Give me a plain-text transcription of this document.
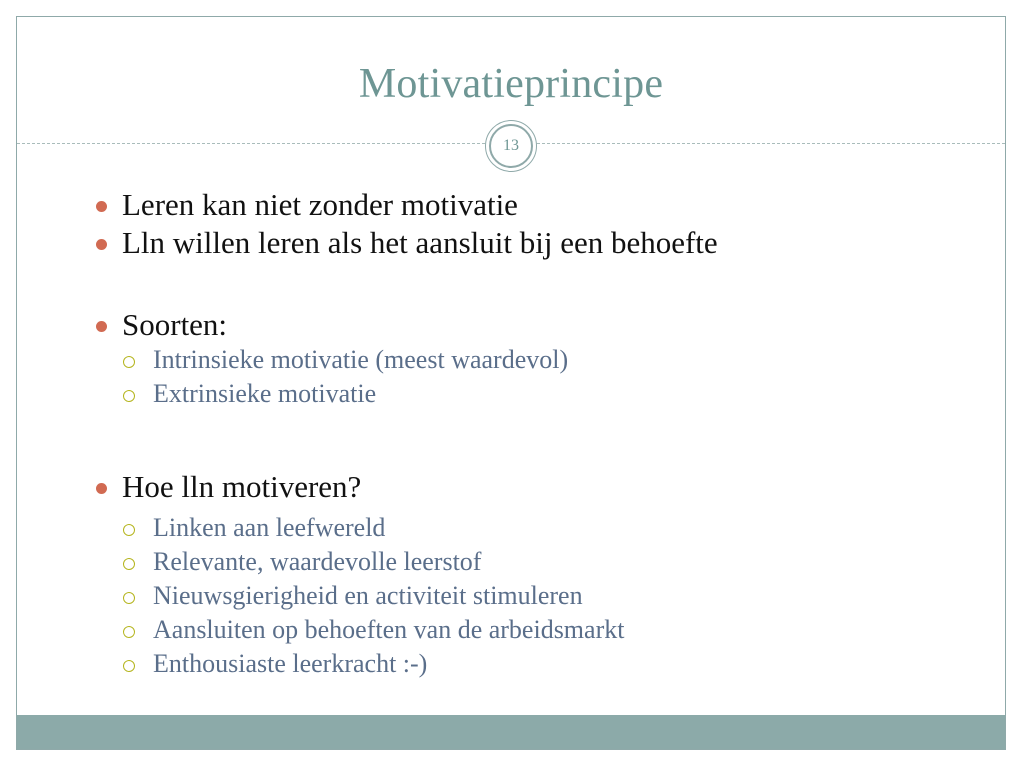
Motivatieprincipe
13
Leren kan niet zonder motivatie
Lln willen leren als het aansluit bij een behoefte
Soorten:
Intrinsieke motivatie (meest waardevol)
Extrinsieke motivatie
Hoe lln motiveren?
Linken aan leefwereld
Relevante, waardevolle leerstof
Nieuwsgierigheid en activiteit stimuleren
Aansluiten op behoeften van de arbeidsmarkt
Enthousiaste leerkracht :-)
